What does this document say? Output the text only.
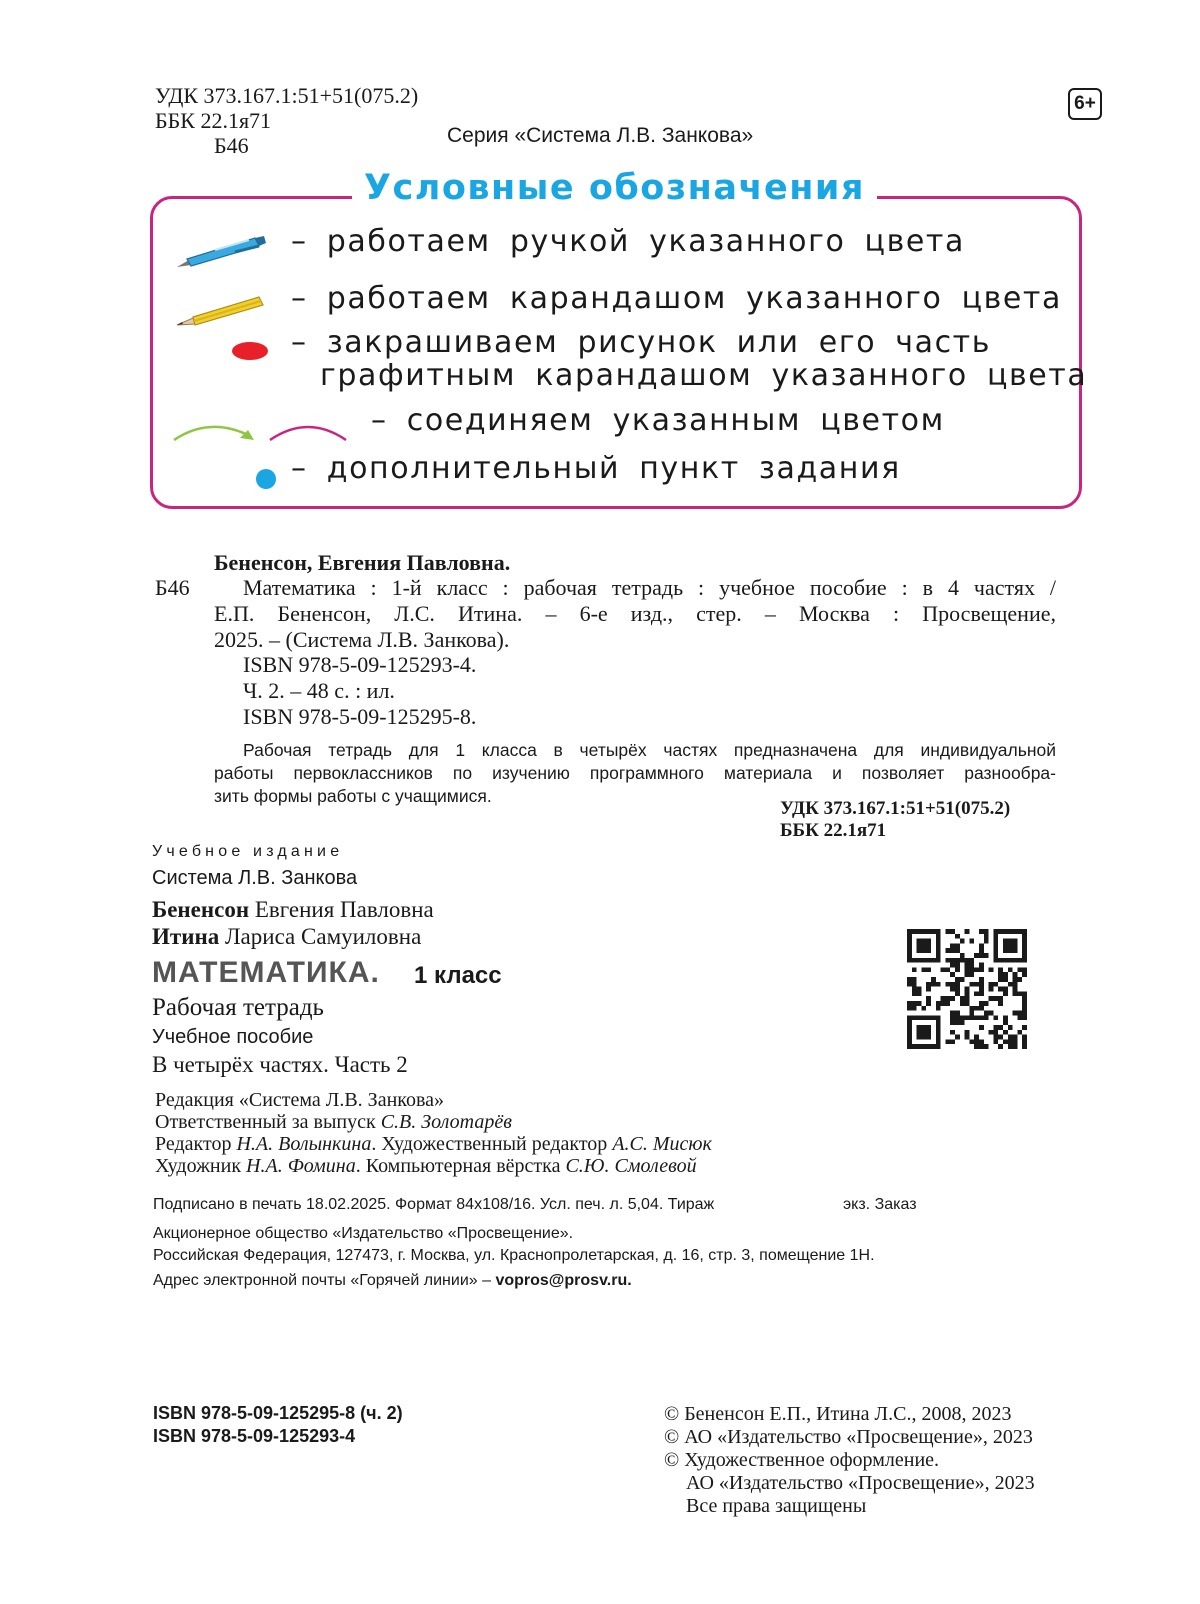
УДК 373.167.1:51+51(075.2)
ББК 22.1я71
Б46	Серия «Система Л.В. Занкова»
6+
Условные обозначения
– работаем ручкой указанного цвета
– работаем карандашом указанного цвета
– закрашиваем рисунок или его часть
графитным карандашом указанного цвета
– соединяем указанным цветом
– дополнительный пункт задания
Бененсон, Евгения Павловна.
Б46 Математика : 1-й класс : рабочая тетрадь : учебное пособие : в 4 частях /
Е.П. Бененсон, Л.С. Итина. – 6-е изд., стер. – Москва : Просвещение,
2025. – (Система Л.В. Занкова).
ISBN 978-5-09-125293-4.
Ч. 2. – 48 с. : ил.
ISBN 978-5-09-125295-8.
Рабочая тетрадь для 1 класса в четырёх частях предназначена для индивидуальной
работы первоклассников по изучению программного материала и позволяет разнообра-
зить формы работы с учащимися.
УДК 373.167.1:51+51(075.2)
ББК 22.1я71
Учебное издание
Система Л.В. Занкова
Бененсон Евгения Павловна
Итина Лариса Самуиловна
МАТЕМАТИКА. 1 класс
Рабочая тетрадь
Учебное пособие
В четырёх частях. Часть 2
Редакция «Система Л.В. Занкова»
Ответственный за выпуск С.В. Золотарёв
Редактор Н.А. Волынкина. Художественный редактор А.С. Мисюк
Художник Н.А. Фомина. Компьютерная вёрстка С.Ю. Смолевой
Подписано в печать 18.02.2025. Формат 84х108/16. Усл. печ. л. 5,04. Тираж	экз. Заказ
Акционерное общество «Издательство «Просвещение».
Российская Федерация, 127473, г. Москва, ул. Краснопролетарская, д. 16, стр. 3, помещение 1Н.
Адрес электронной почты «Горячей линии» – vopros@prosv.ru.
ISBN 978-5-09-125295-8 (ч. 2)
ISBN 978-5-09-125293-4
© Бененсон Е.П., Итина Л.С., 2008, 2023
© АО «Издательство «Просвещение», 2023
© Художественное оформление.
АО «Издательство «Просвещение», 2023
Все права защищены
